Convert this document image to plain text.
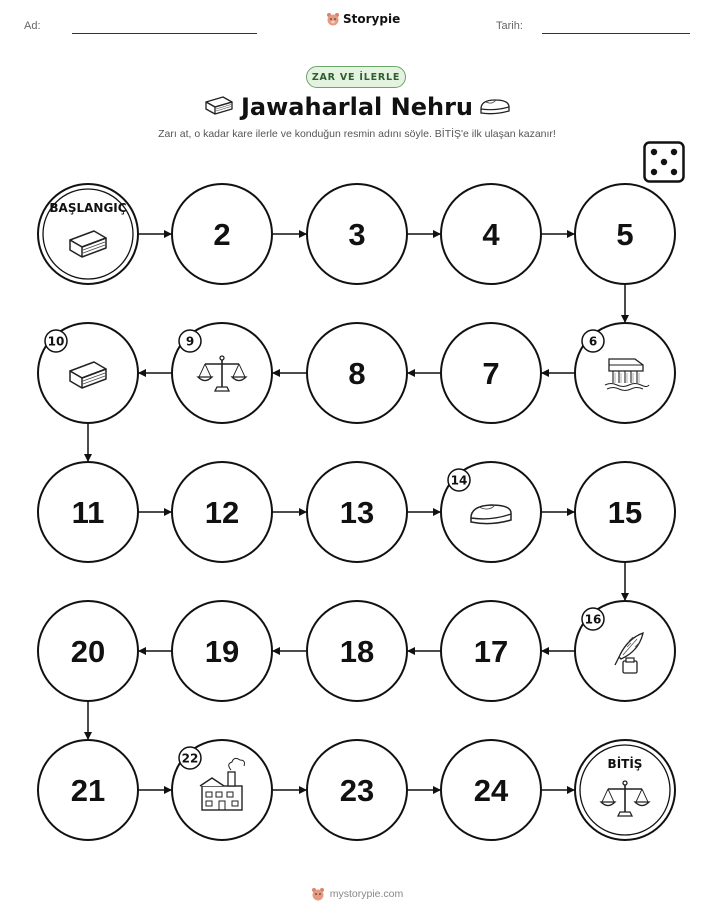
Ad:	Storypie	Tarih:
ZAR VE İLERLE
Jawaharlal Nehru
Zarı at, o kadar kare ilerle ve konduğun resmin adını söyle. BİTİŞ'e ilk ulaşan kazanır!
BAŞLANGIÇ
2	3	4	5
6
7
8
9
10
11	12	13
14
15
16
17
18
19
20
21
22
23	24
BİTİŞ
mystorypie.com
